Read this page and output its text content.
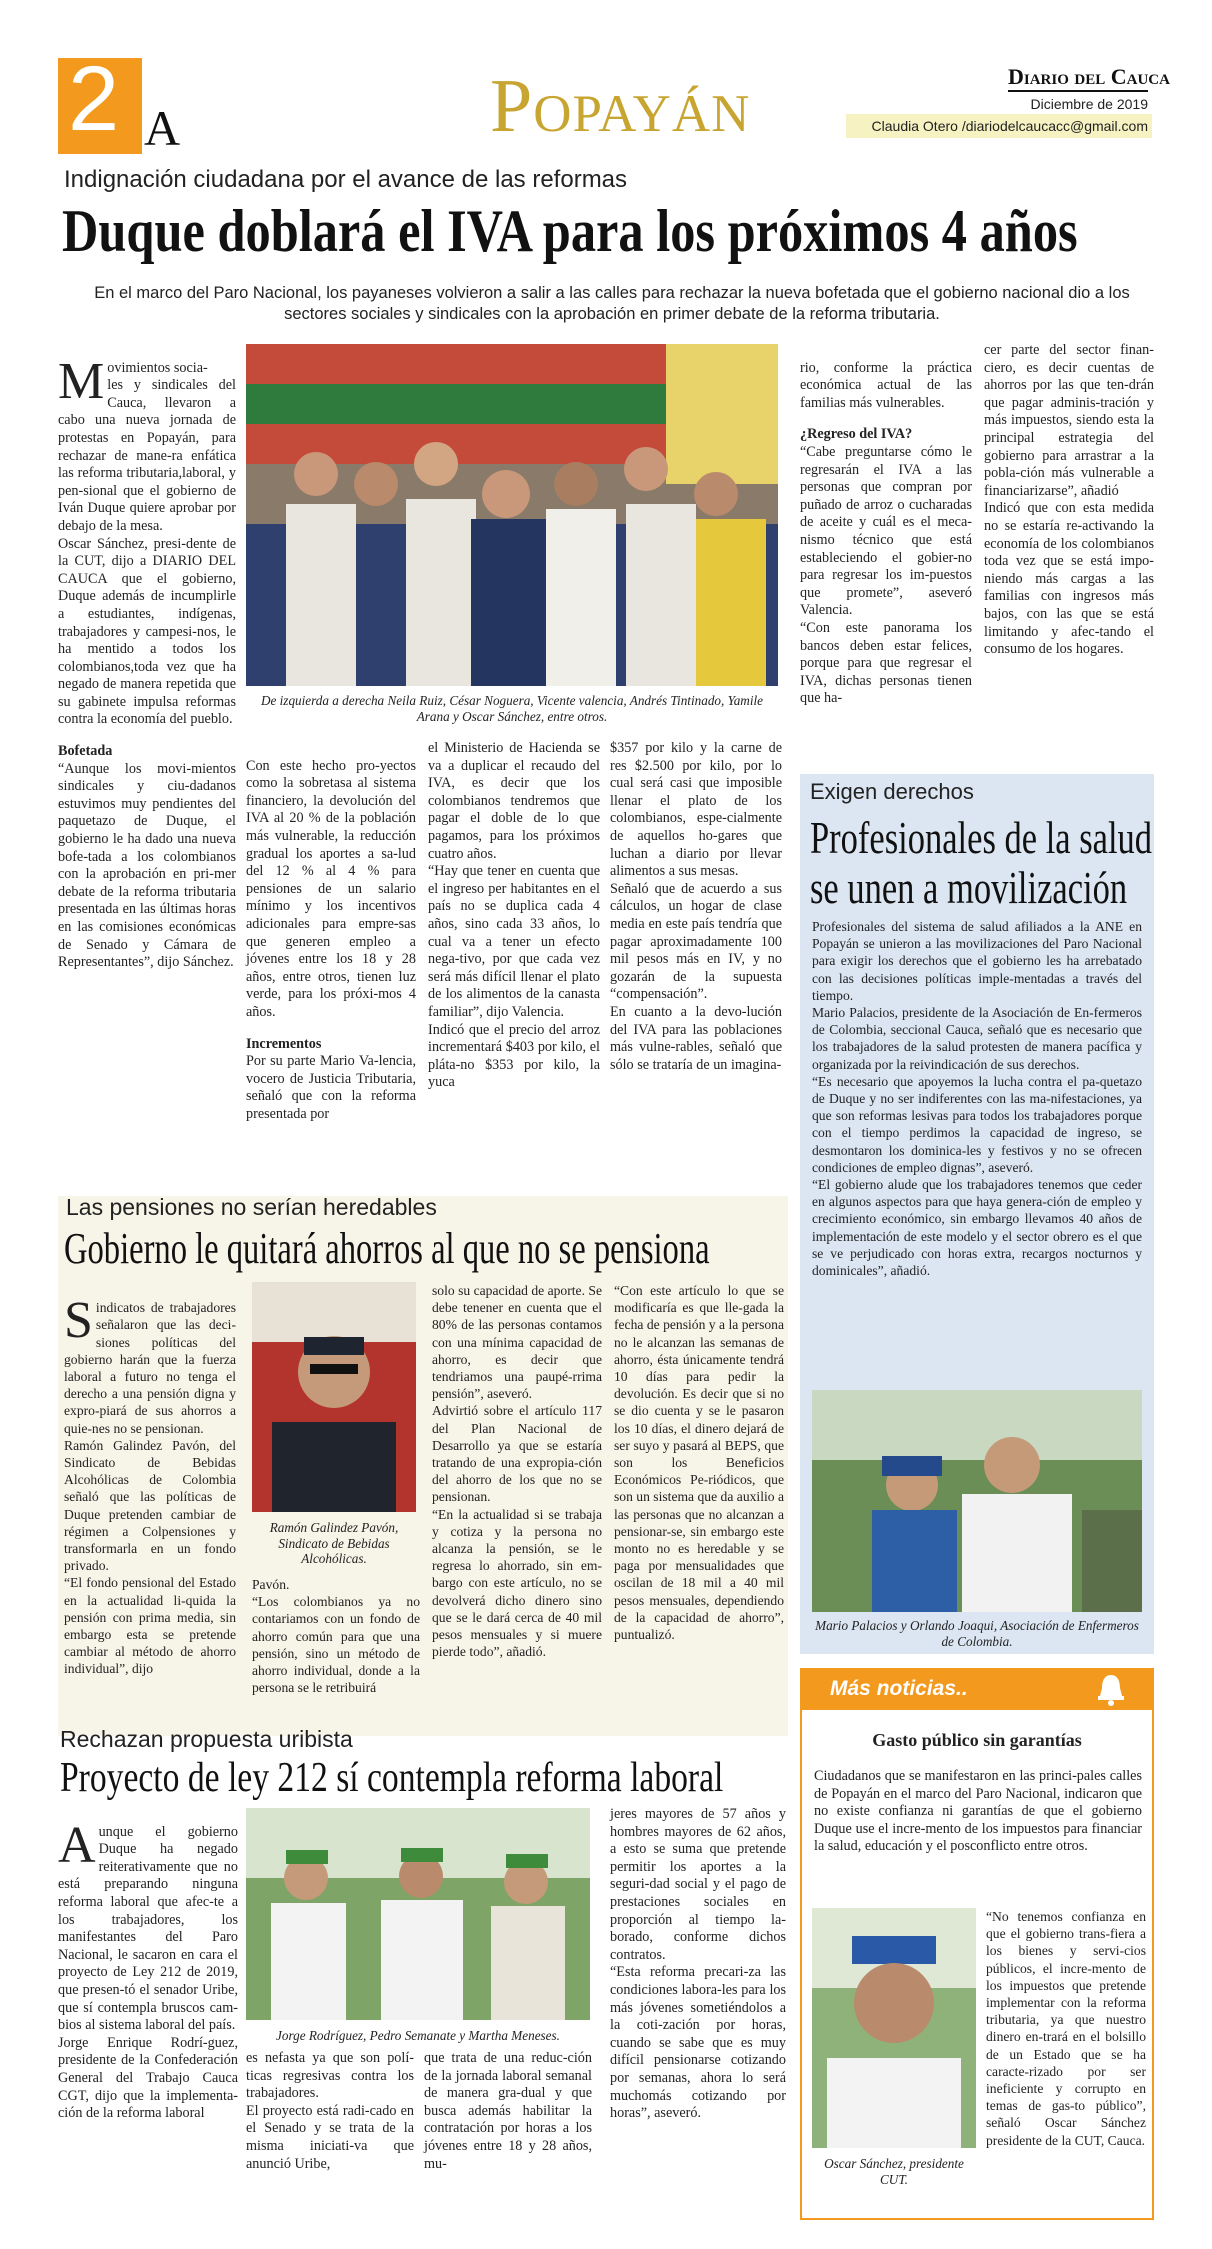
2 A	Popayán	Diario del Cauca
Diciembre de 2019
Claudia Otero /diariodelcaucacc@gmail.com
Indignación ciudadana por el avance de las reformas
Duque doblará el IVA para los próximos 4 años
En el marco del Paro Nacional, los payaneses volvieron a salir a las calles para rechazar la nueva bofetada que el gobierno nacional dio a los sectores sociales y sindicales con la aprobación en primer debate de la reforma tributaria.

Movimientos socia-
les y sindicales del Cauca, llevaron a cabo una nueva jornada de protestas en Popayán, para rechazar de mane-ra enfática las reforma tributaria,laboral, y pen-sional que el gobierno de Iván Duque quiere aprobar por debajo de la mesa.
Oscar Sánchez, presi-dente de la CUT, dijo a DIARIO DEL CAUCA que el gobierno, Duque además de incumplirle a estudiantes, indígenas, trabajadores y campesi-nos, le ha mentido a todos los colombianos,toda vez que ha negado de manera repetida que su gabinete impulsa reformas contra la economía del pueblo.

Bofetada
“Aunque los movi-mientos sindicales y ciu-dadanos estuvimos muy pendientes del paquetazo de Duque, el gobierno le ha dado una nueva bofe-tada a los colombianos con la aprobación en pri-mer debate de la reforma tributaria presentada en las últimas horas en las comisiones económicas de Senado y Cámara de Representantes”, dijo Sánchez.

De izquierda a derecha Neila Ruiz, César Noguera, Vicente valencia, Andrés Tintinado, Yamile Arana y Oscar Sánchez, entre otros.

Con este hecho pro-yectos como la sobretasa al sistema financiero, la devolución del IVA al 20 % de la población más vulnerable, la reducción gradual los aportes a sa-lud del 12 % al 4 % para pensiones de un salario mínimo y los incentivos adicionales para empre-sas que generen empleo a jóvenes entre los 18 y 28 años, entre otros, tienen luz verde, para los próxi-mos 4 años.

Incrementos
Por su parte Mario Va-lencia, vocero de Justicia Tributaria, señaló que con la reforma presentada por

el Ministerio de Hacienda se va a duplicar el recaudo del IVA, es decir que los colombianos tendremos que pagar el doble de lo que pagamos, para los próximos cuatro años.
“Hay que tener en cuenta que el ingreso per habitantes en el país no se duplica cada 4 años, sino cada 33 años, lo cual va a tener un efecto nega-tivo, por que cada vez será más difícil llenar el plato de los alimentos de la canasta familiar”, dijo Valencia.
Indicó que el precio del arroz incrementará $403 por kilo, el pláta-no $353 por kilo, la yuca
$357 por kilo y la carne de res $2.500 por kilo, por lo cual será casi que imposible llenar el plato de los colombianos, espe-cialmente de aquellos ho-gares que luchan a diario por llevar alimentos a sus mesas.
Señaló que de acuerdo a sus cálculos, un hogar de clase media en este país tendría que pagar aproximadamente 100 mil pesos más en IV, y no gozarán de la supuesta “compensación”.
En cuanto a la devo-lución del IVA para las poblaciones más vulne-rables, señaló que sólo se trataría de un imagina-

rio, conforme la práctica económica actual de las familias más vulnerables.

¿Regreso del IVA?
“Cabe preguntarse cómo le regresarán el IVA a las personas que compran por puñado de arroz o cucharadas de aceite y cuál es el meca-nismo técnico que está estableciendo el gobier-no para regresar los im-puestos que promete”, aseveró Valencia.
“Con este panorama los bancos deben estar felices, porque para que regresar el IVA, dichas personas tienen que ha-

cer parte del sector finan-ciero, es decir cuentas de ahorros por las que ten-drán que pagar adminis-tración y más impuestos, siendo esta la principal estrategia del gobierno para arrastrar a la pobla-ción más vulnerable a financiarizarse”, añadió
Indicó que con esta medida no se estaría re-activando la economía de los colombianos toda vez que se está impo-niendo más cargas a las familias con ingresos más bajos, con las que se está limitando y afec-tando el consumo de los hogares.
Exigen derechos
Profesionales de la salud
se unen a movilización
Profesionales del sistema de salud afiliados a la ANE en Popayán se unieron a las movilizaciones del Paro Nacional para exigir los derechos que el gobierno les ha arrebatado con las decisiones políticas imple-mentadas a través del tiempo.
Mario Palacios, presidente de la Asociación de En-fermeros de Colombia, seccional Cauca, señaló que es necesario que los trabajadores de la salud protesten de manera pacífica y organizada por la reivindicación de sus derechos.
“Es necesario que apoyemos la lucha contra el pa-quetazo de Duque y no ser indiferentes con las ma-nifestaciones, ya que son reformas lesivas para todos los trabajadores porque con el tiempo perdimos la capacidad de ingreso, se desmontaron los dominica-les y festivos y no se ofrecen condiciones de empleo dignas”, aseveró.
“El gobierno alude que los trabajadores tenemos que ceder en algunos aspectos para que haya genera-ción de empleo y crecimiento económico, sin embargo llevamos 40 años de implementación de este modelo y el sector obrero es el que se ve perjudicado con horas extra, recargos nocturnos y dominicales”, añadió.
Mario Palacios y Orlando Joaqui, Asociación de Enfermeros de Colombia.
Las pensiones no serían heredables
Gobierno le quitará ahorros al que no se pensiona

Sindicatos de trabajadores señalaron que las deci-siones políticas del gobierno harán que la fuerza laboral a futuro no tenga el derecho a una pensión digna y expro-piará de sus ahorros a quie-nes no se pensionan.
Ramón Galindez Pavón, del Sindicato de Bebidas Alcohólicas de Colombia señaló que las políticas de Duque pretenden cambiar de régimen a Colpensiones y transformarla en un fondo privado.
“El fondo pensional del Estado en la actualidad li-quida la pensión con prima media, sin embargo esta se pretende cambiar al método de ahorro individual”, dijo

Ramón Galindez Pavón, Sindicato de Bebidas Alcohólicas.
Pavón.
“Los colombianos ya no contariamos con un fondo de ahorro común para que una pensión, sino un método de ahorro individual, donde a la persona se le retribuirá
solo su capacidad de aporte. Se debe tenener en cuenta que el 80% de las personas contamos con una mínima capacidad de ahorro, es decir que tendriamos una paupé-rrima pensión”, aseveró.
Advirtió sobre el artículo 117 del Plan Nacional de Desarrollo ya que se estaría tratando de una expropia-ción del ahorro de los que no se pensionan.
“En la actualidad si se trabaja y cotiza y la persona no alcanza la pensión, se le regresa lo ahorrado, sin em-bargo con este artículo, no se devolverá dicho dinero sino que se le dará cerca de 40 mil pesos mensuales y si muere pierde todo”, añadió.
“Con este artículo lo que se modificaría es que lle-gada la fecha de pensión y a la persona no le alcanzan las semanas de ahorro, ésta únicamente tendrá 10 días para pedir la devolución. Es decir que si no se dio cuenta y se le pasaron los 10 días, el dinero dejará de ser suyo y pasará al BEPS, que son los Beneficios Económicos Pe-riódicos, que son un sistema que da auxilio a las personas que no alcanzan a pensionar-se, sin embargo este monto no es heredable y se paga por mensualidades que oscilan de 18 mil a 40 mil pesos mensuales, dependiendo de la capacidad de ahorro”, puntualizó.
Rechazan propuesta uribista
Proyecto de ley 212 sí contempla reforma laboral

Aunque el gobierno Duque ha negado reiterativamente que no está preparando ninguna reforma laboral que afec-te a los trabajadores, los manifestantes del Paro Nacional, le sacaron en cara el proyecto de Ley 212 de 2019, que presen-tó el senador Uribe, que sí contempla bruscos cam-bios al sistema laboral del país.
Jorge Enrique Rodrí-guez, presidente de la Confederación General del Trabajo Cauca CGT, dijo que la implementa-ción de la reforma laboral

Jorge Rodríguez, Pedro Semanate y Martha Meneses.
es nefasta ya que son polí-ticas regresivas contra los trabajadores.
El proyecto está radi-cado en el Senado y se trata de la misma iniciati-va que anunció Uribe,
que trata de una reduc-ción de la jornada laboral semanal de manera gra-dual y que busca además habilitar la contratación por horas a los jóvenes entre 18 y 28 años, mu-
jeres mayores de 57 años y hombres mayores de 62 años, a esto se suma que pretende permitir los aportes a la seguri-dad social y el pago de prestaciones sociales en proporción al tiempo la-borado, conforme dichos contratos.
“Esta reforma precari-za las condiciones labora-les para los más jóvenes sometiéndolos a la coti-zación por horas, cuando se sabe que es muy difícil pensionarse cotizando por semanas, ahora lo será muchomás cotizando por horas”, aseveró.
Más noticias..
Gasto público sin garantías
Ciudadanos que se manifestaron en las princi-pales calles de Popayán en el marco del Paro Nacional, indicaron que no existe confianza ni garantías de que el gobierno Duque use el incre-mento de los impuestos para financiar la salud, educación y el posconflicto entre otros.
Oscar Sánchez, presidente CUT.
“No tenemos confianza en que el gobierno trans-fiera a los bienes y servi-cios públicos, el incre-mento de los impuestos que pretende implementar con la reforma tributaria, ya que nuestro dinero en-trará en el bolsillo de un Estado que se ha caracte-rizado por ser ineficiente y corrupto en temas de gas-to público”, señaló Oscar Sánchez presidente de la CUT, Cauca.
